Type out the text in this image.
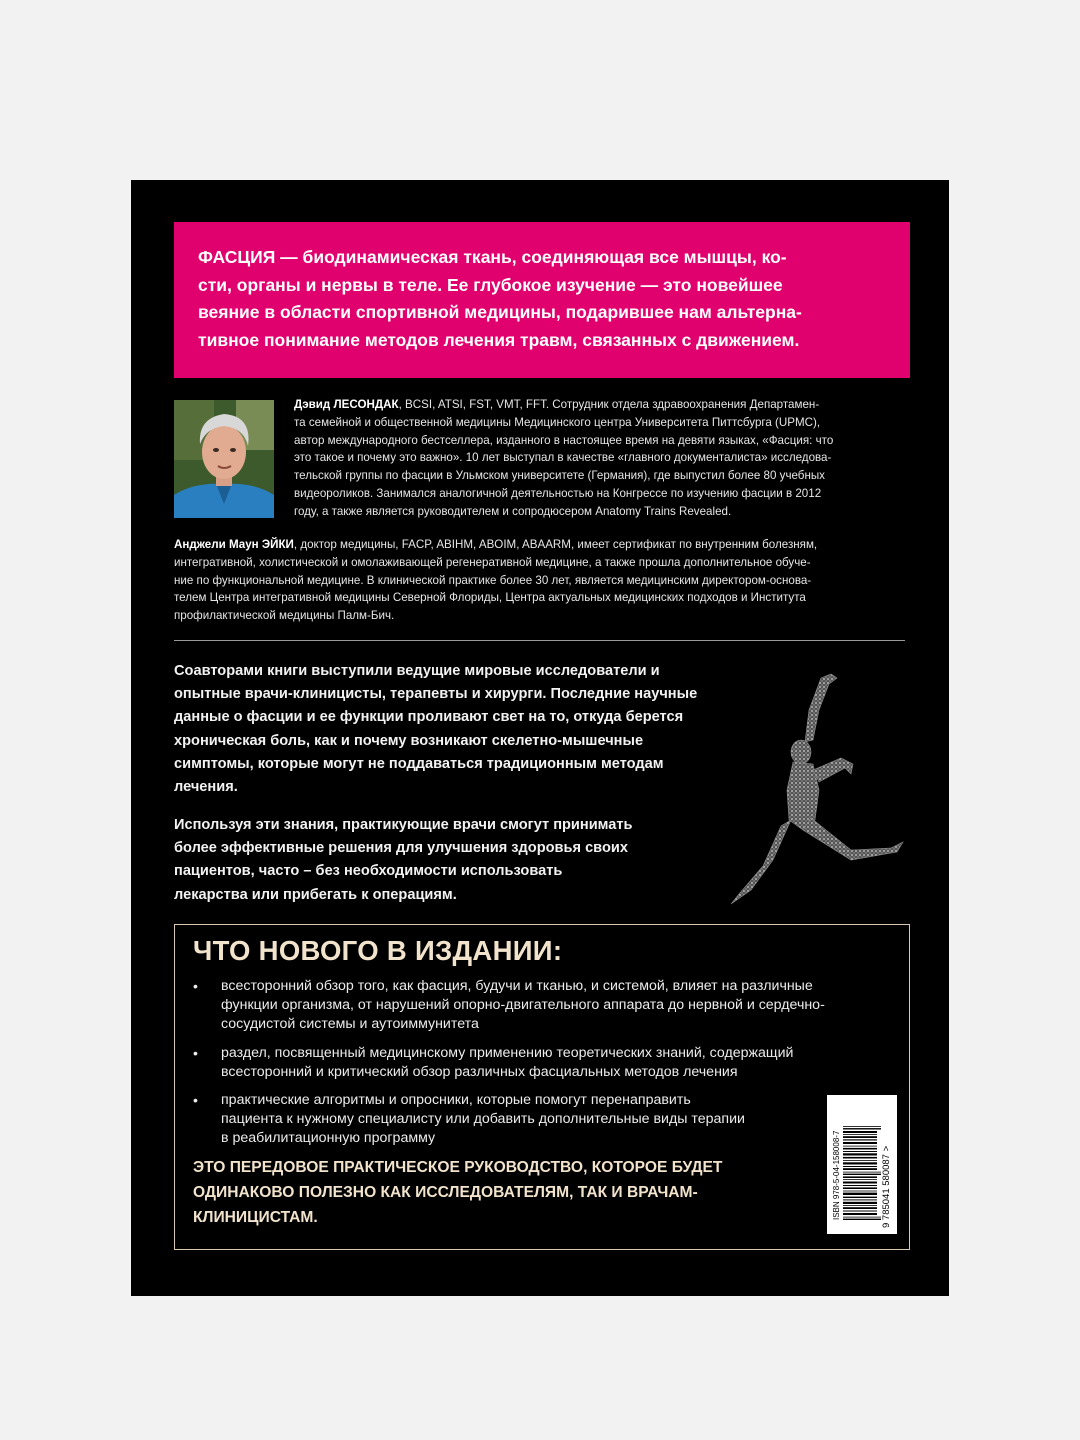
ФАСЦИЯ — биодинамическая ткань, соединяющая все мышцы, ко-
сти, органы и нервы в теле. Ее глубокое изучение — это новейшее
веяние в области спортивной медицины, подарившее нам альтерна-
тивное понимание методов лечения травм, связанных с движением.
Дэвид ЛЕСОНДАК, BCSI, ATSI, FST, VMT, FFT. Сотрудник отдела здравоохранения Департамен-
та семейной и общественной медицины Медицинского центра Университета Питтсбурга (UPMC),
автор международного бестселлера, изданного в настоящее время на девяти языках, «Фасция: что
это такое и почему это важно». 10 лет выступал в качестве «главного документалиста» исследова-
тельской группы по фасции в Ульмском университете (Германия), где выпустил более 80 учебных
видеороликов. Занимался аналогичной деятельностью на Конгрессе по изучению фасции в 2012
году, а также является руководителем и сопродюсером Anatomy Trains Revealed.
Анджели Маун ЭЙКИ, доктор медицины, FACP, ABIHM, ABOIM, ABAARM, имеет сертификат по внутренним болезням,
интегративной, холистической и омолаживающей регенеративной медицине, а также прошла дополнительное обуче-
ние по функциональной медицине. В клинической практике более 30 лет, является медицинским директором-основа-
телем Центра интегративной медицины Северной Флориды, Центра актуальных медицинских подходов и Института
профилактической медицины Палм-Бич.
Соавторами книги выступили ведущие мировые исследователи и
опытные врачи-клиницисты, терапевты и хирурги. Последние научные
данные о фасции и ее функции проливают свет на то, откуда берется
хроническая боль, как и почему возникают скелетно-мышечные
симптомы, которые могут не поддаваться традиционным методам
лечения.
Используя эти знания, практикующие врачи смогут принимать
более эффективные решения для улучшения здоровья своих
пациентов, часто – без необходимости использовать
лекарства или прибегать к операциям.
ЧТО НОВОГО В ИЗДАНИИ:
• всесторонний обзор того, как фасция, будучи и тканью, и системой, влияет на различные
функции организма, от нарушений опорно-двигательного аппарата до нервной и сердечно-
сосудистой системы и аутоиммунитета
• раздел, посвященный медицинскому применению теоретических знаний, содержащий
всесторонний и критический обзор различных фасциальных методов лечения
• практические алгоритмы и опросники, которые помогут перенаправить
пациента к нужному специалисту или добавить дополнительные виды терапии
в реабилитационную программу
ЭТО ПЕРЕДОВОЕ ПРАКТИЧЕСКОЕ РУКОВОДСТВО, КОТОРОЕ БУДЕТ
ОДИНАКОВО ПОЛЕЗНО КАК ИССЛЕДОВАТЕЛЯМ, ТАК И ВРАЧАМ-
КЛИНИЦИСТАМ.	ISBN 978-5-04-158008-7	9 785041 580087 >
